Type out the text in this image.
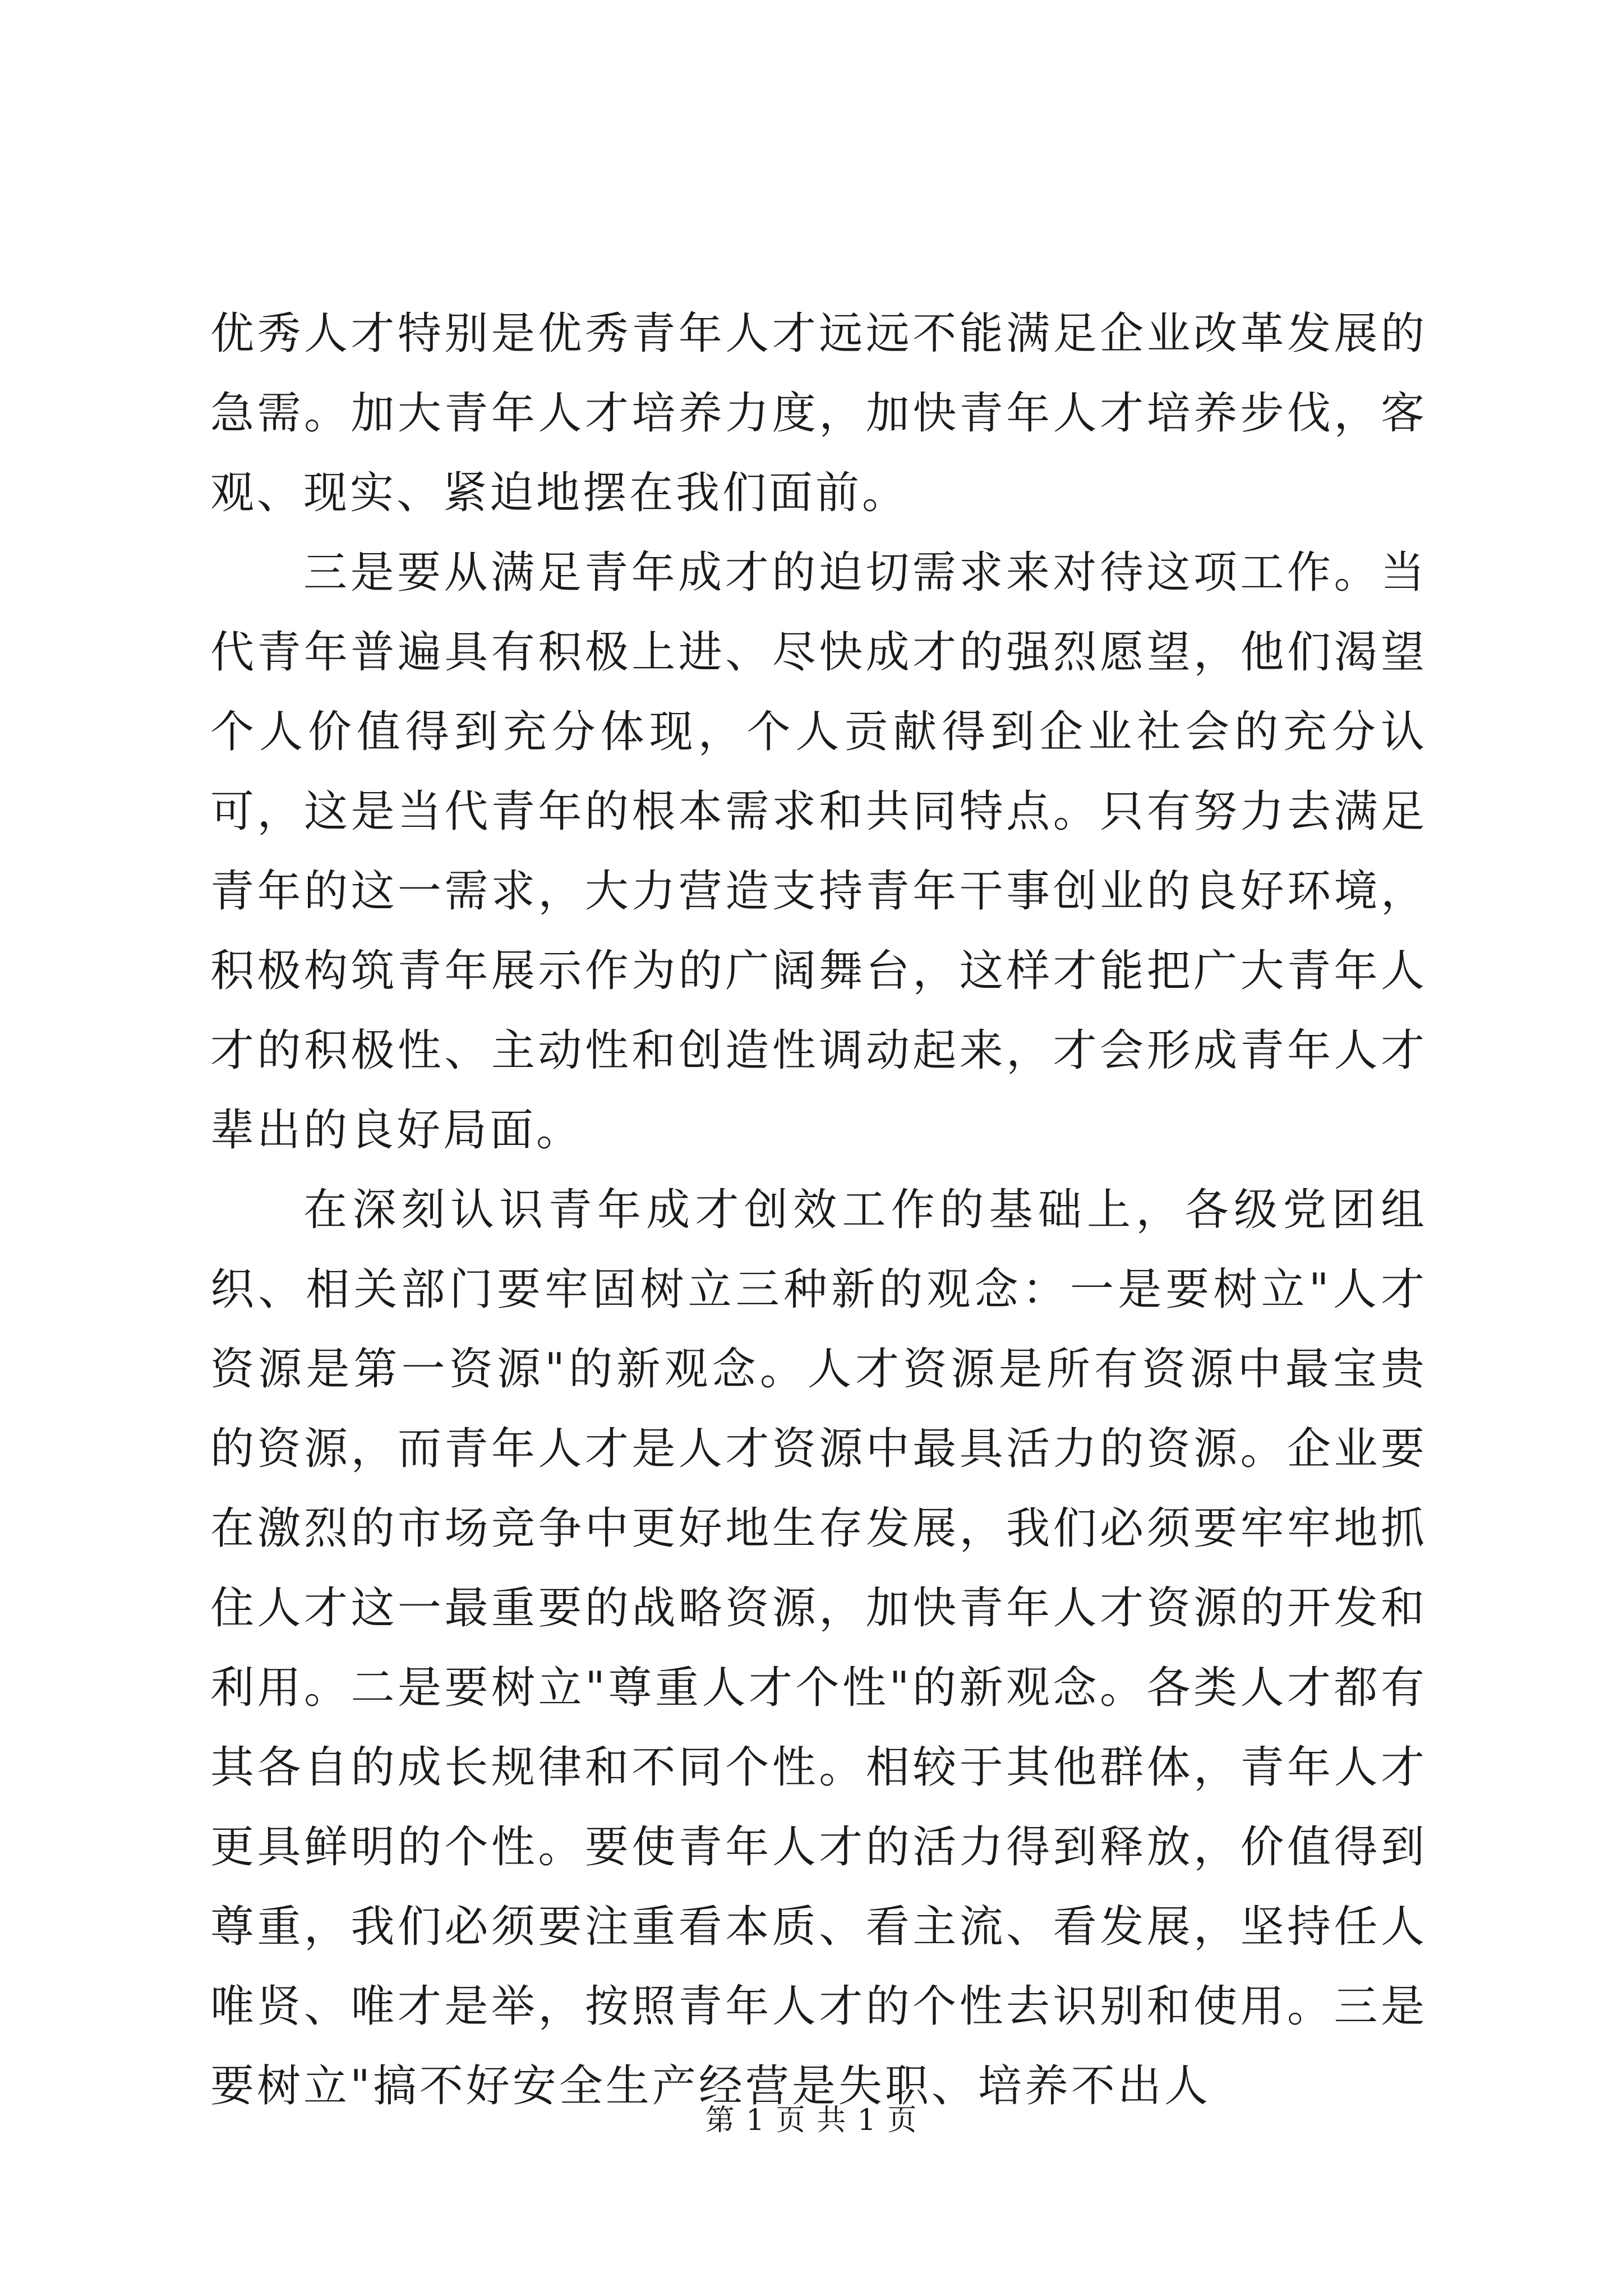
优秀人才特别是优秀青年人才远远不能满足企业改革发展的急需。加大青年人才培养力度，加快青年人才培养步伐，客观、现实、紧迫地摆在我们面前。

三是要从满足青年成才的迫切需求来对待这项工作。当代青年普遍具有积极上进、尽快成才的强烈愿望，他们渴望个人价值得到充分体现，个人贡献得到企业社会的充分认可，这是当代青年的根本需求和共同特点。只有努力去满足青年的这一需求，大力营造支持青年干事创业的良好环境，积极构筑青年展示作为的广阔舞台，这样才能把广大青年人才的积极性、主动性和创造性调动起来，才会形成青年人才辈出的良好局面。

在深刻认识青年成才创效工作的基础上，各级党团组织、相关部门要牢固树立三种新的观念：一是要树立"人才资源是第一资源"的新观念。人才资源是所有资源中最宝贵的资源，而青年人才是人才资源中最具活力的资源。企业要在激烈的市场竞争中更好地生存发展，我们必须要牢牢地抓住人才这一最重要的战略资源，加快青年人才资源的开发和利用。二是要树立"尊重人才个性"的新观念。各类人才都有其各自的成长规律和不同个性。相较于其他群体，青年人才更具鲜明的个性。要使青年人才的活力得到释放，价值得到尊重，我们必须要注重看本质、看主流、看发展，坚持任人唯贤、唯才是举，按照青年人才的个性去识别和使用。三是要树立"搞不好安全生产经营是失职、培养不出人

第 1 页 共 1 页
